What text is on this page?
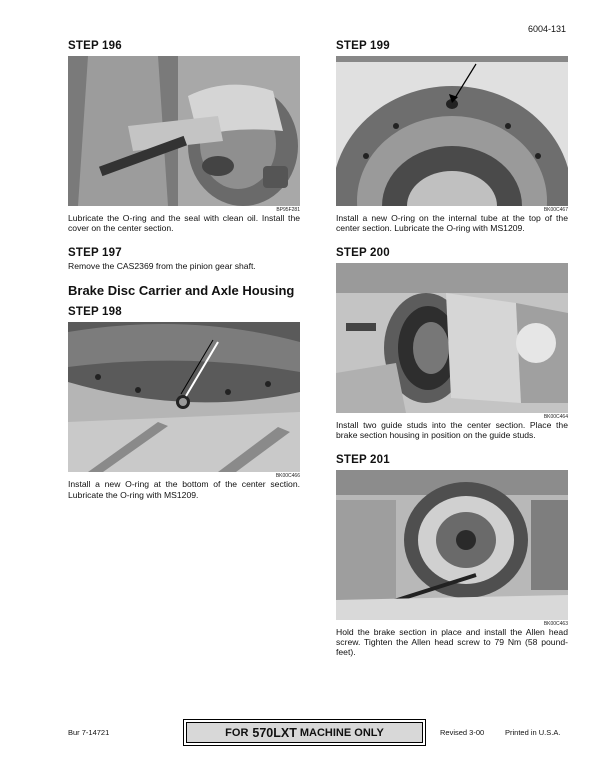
6004-131
STEP 196
BP95F281

Lubricate the O-ring and the seal with clean oil. Install the cover on the center section.

STEP 197

Remove the CAS2369 from the pinion gear shaft.

Brake Disc Carrier and Axle Housing
STEP 198
BK00C466

Install a new O-ring at the bottom of the center section. Lubricate the O-ring with MS1209.

STEP 199
BK00C467

Install a new O-ring on the internal tube at the top of the center section. Lubricate the O-ring with MS1209.

STEP 200
BK00C464

Install two guide studs into the center section. Place the brake section housing in position on the guide studs.

STEP 201
BK00C463

Hold the brake section in place and install the Allen head screw. Tighten the Allen head screw to 79 Nm (58 pound-feet).

Bur 7-14721	FOR 570LXT MACHINE ONLY	Revised 3-00	Printed in U.S.A.
